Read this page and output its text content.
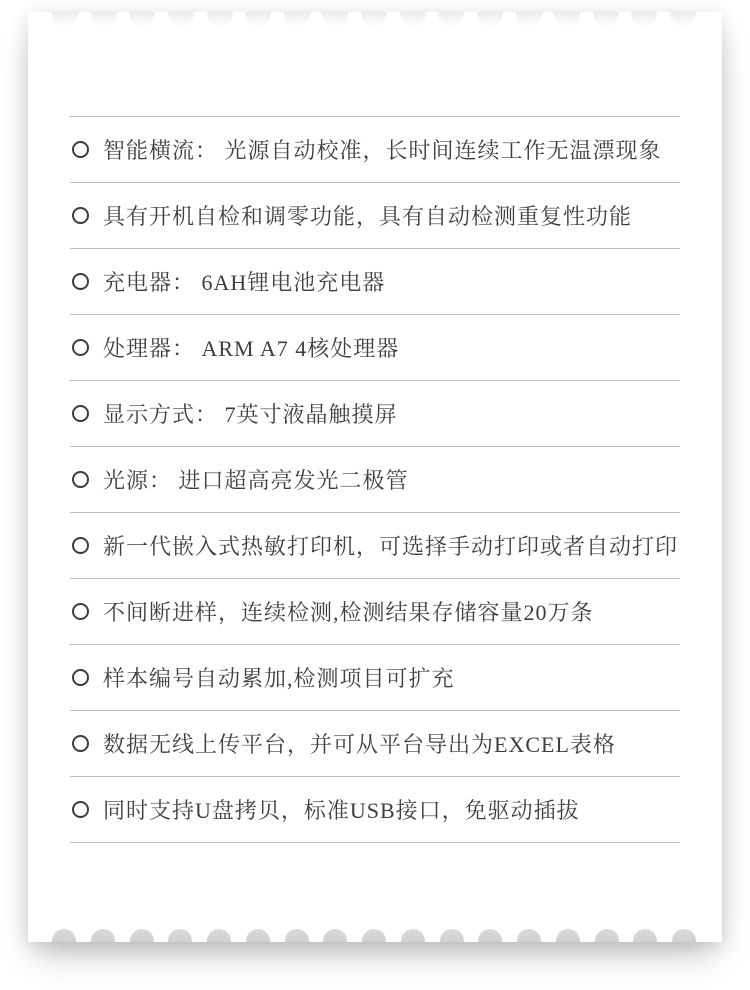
智能横流： 光源自动校准，长时间连续工作无温漂现象
具有开机自检和调零功能，具有自动检测重复性功能
充电器： 6AH锂电池充电器
处理器： ARM A7 4核处理器
显示方式： 7英寸液晶触摸屏
光源： 进口超高亮发光二极管
新一代嵌入式热敏打印机，可选择手动打印或者自动打印
不间断进样，连续检测,检测结果存储容量20万条
样本编号自动累加,检测项目可扩充
数据无线上传平台，并可从平台导出为EXCEL表格
同时支持U盘拷贝，标准USB接口，免驱动插拔
